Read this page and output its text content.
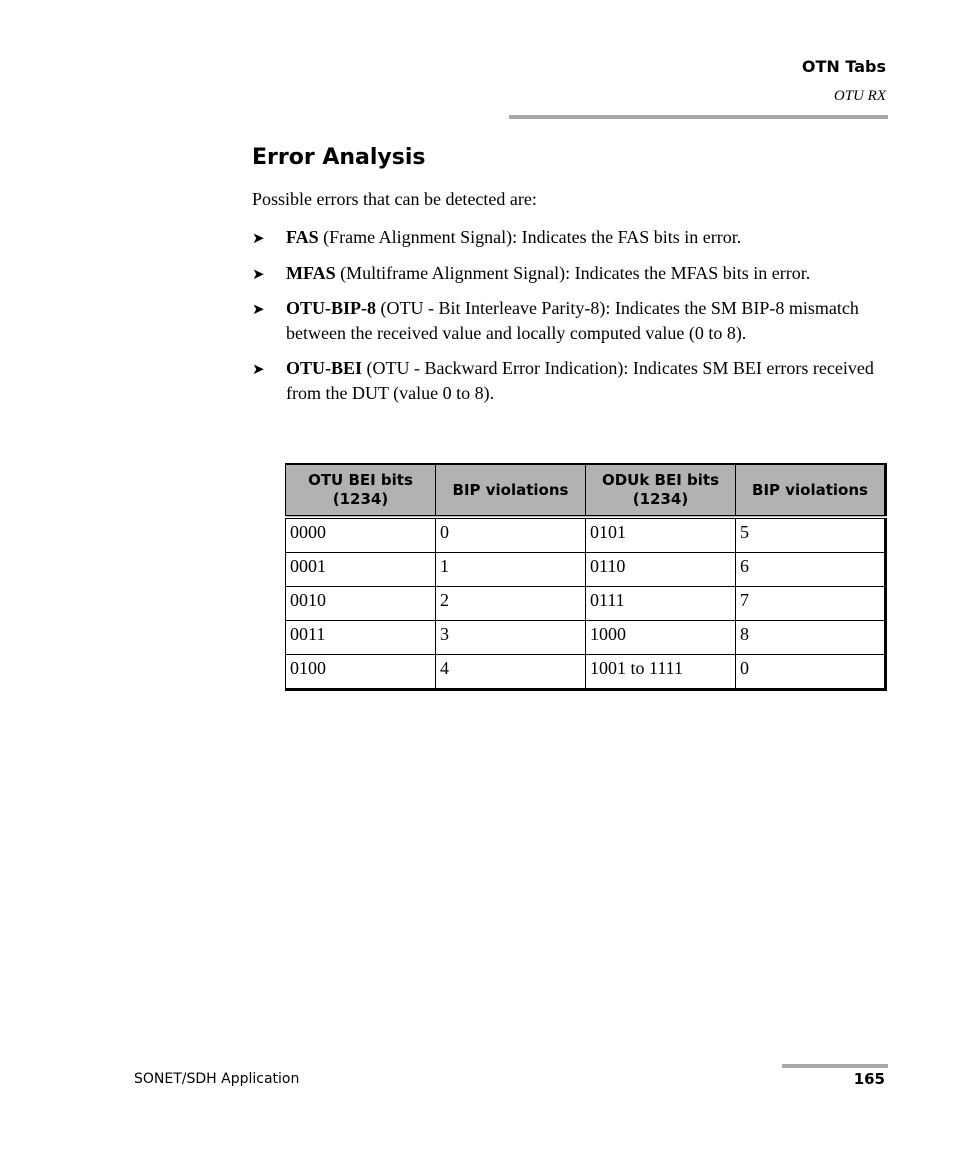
OTN Tabs
OTU RX
Error Analysis

Possible errors that can be detected are:

➤ FAS (Frame Alignment Signal): Indicates the FAS bits in error.
➤ MFAS (Multiframe Alignment Signal): Indicates the MFAS bits in error.
➤ OTU-BIP-8 (OTU - Bit Interleave Parity-8): Indicates the SM BIP-8 mismatch between the received value and locally computed value (0 to 8).
➤ OTU-BEI (OTU - Backward Error Indication): Indicates SM BEI errors received from the DUT (value 0 to 8).
OTU BEI bits (1234)	BIP violations	ODUk BEI bits (1234)	BIP violations
0000	0	0101	5
0001	1	0110	6
0010	2	0111	7
0011	3	1000	8
0100	4	1001 to 1111	0
SONET/SDH Application	165
